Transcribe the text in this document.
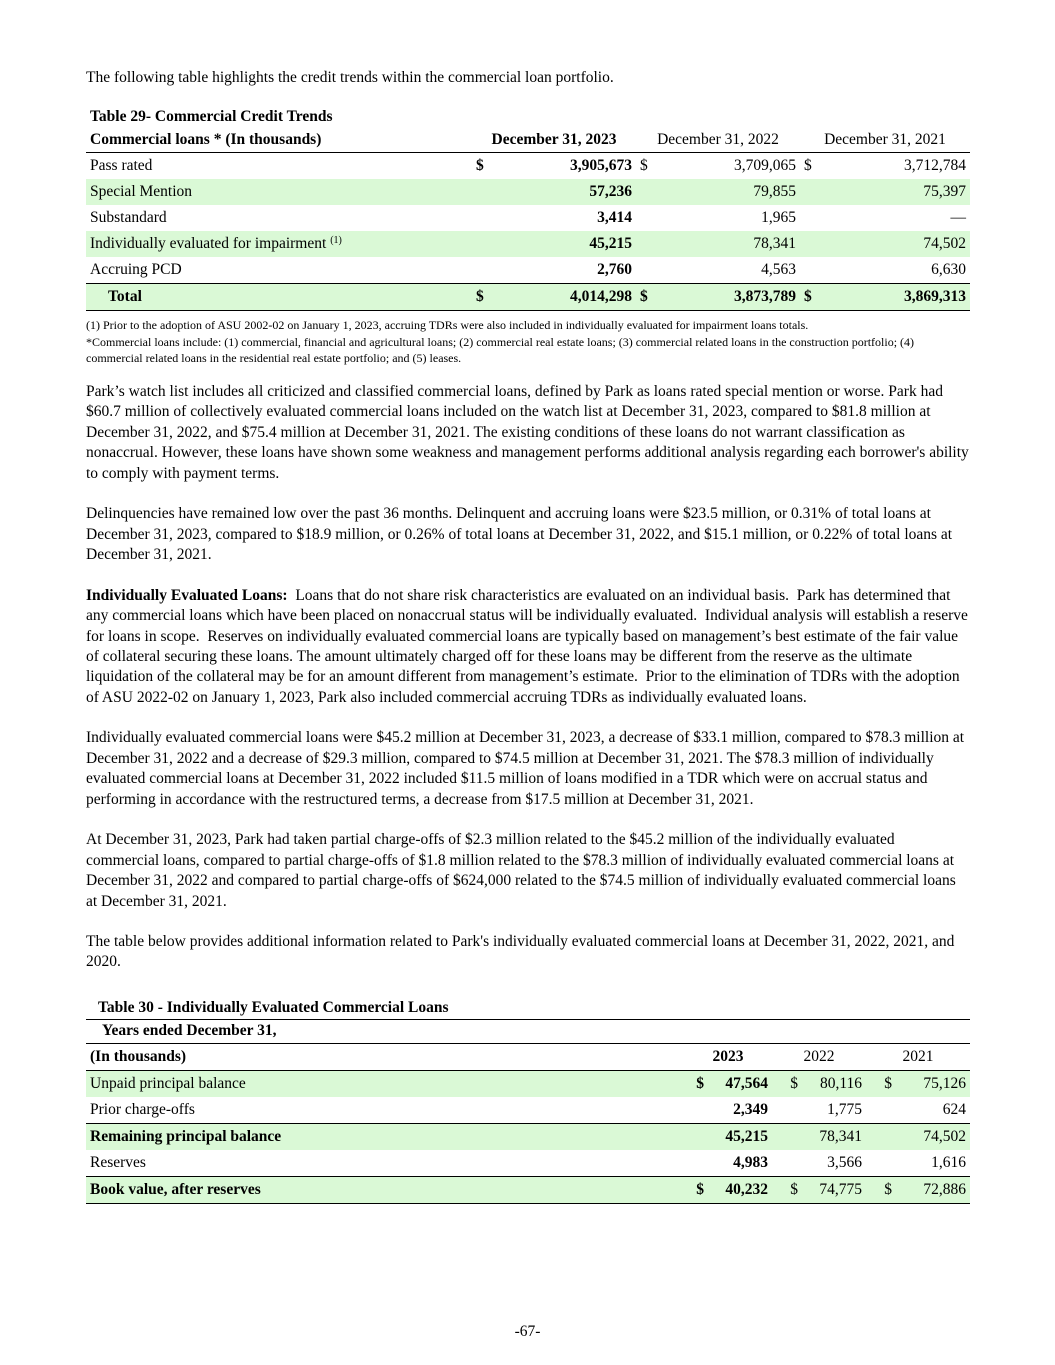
The following table highlights the credit trends within the commercial loan portfolio.

Table 29- Commercial Credit Trends
Commercial loans * (In thousands)	December 31, 2023		December 31, 2022		December 31, 2021	
Pass rated	$	3,905,673	$	3,709,065	$	3,712,784
Special Mention		57,236		79,855		75,397
Substandard		3,414		1,965		—
Individually evaluated for impairment $^{(1)}$		45,215		78,341		74,502
Accruing PCD		2,760		4,563		6,630
Total	$	4,014,298	$	3,873,789	$	3,869,313
(1) Prior to the adoption of ASU 2002-02 on January 1, 2023, accruing TDRs were also included in individually evaluated for impairment loans totals.
*Commercial loans include: (1) commercial, financial and agricultural loans; (2) commercial real estate loans; (3) commercial related loans in the construction portfolio; (4) commercial related loans in the residential real estate portfolio; and (5) leases.

Park’s watch list includes all criticized and classified commercial loans, defined by Park as loans rated special mention or worse. Park had $60.7 million of collectively evaluated commercial loans included on the watch list at December 31, 2023, compared to $81.8 million at December 31, 2022, and $75.4 million at December 31, 2021. The existing conditions of these loans do not warrant classification as nonaccrual. However, these loans have shown some weakness and management performs additional analysis regarding each borrower's ability to comply with payment terms.

Delinquencies have remained low over the past 36 months. Delinquent and accruing loans were $23.5 million, or 0.31% of total loans at December 31, 2023, compared to $18.9 million, or 0.26% of total loans at December 31, 2022, and $15.1 million, or 0.22% of total loans at December 31, 2021.

Individually Evaluated Loans:  Loans that do not share risk characteristics are evaluated on an individual basis.  Park has determined that any commercial loans which have been placed on nonaccrual status will be individually evaluated.  Individual analysis will establish a reserve for loans in scope.  Reserves on individually evaluated commercial loans are typically based on management’s best estimate of the fair value of collateral securing these loans. The amount ultimately charged off for these loans may be different from the reserve as the ultimate liquidation of the collateral may be for an amount different from management’s estimate.  Prior to the elimination of TDRs with the adoption of ASU 2022-02 on January 1, 2023, Park also included commercial accruing TDRs as individually evaluated loans.

Individually evaluated commercial loans were $45.2 million at December 31, 2023, a decrease of $33.1 million, compared to $78.3 million at December 31, 2022 and a decrease of $29.3 million, compared to $74.5 million at December 31, 2021. The $78.3 million of individually evaluated commercial loans at December 31, 2022 included $11.5 million of loans modified in a TDR which were on accrual status and performing in accordance with the restructured terms, a decrease from $17.5 million at December 31, 2021.

At December 31, 2023, Park had taken partial charge-offs of $2.3 million related to the $45.2 million of the individually evaluated commercial loans, compared to partial charge-offs of $1.8 million related to the $78.3 million of individually evaluated commercial loans at December 31, 2022 and compared to partial charge-offs of $624,000 related to the $74.5 million of individually evaluated commercial loans at December 31, 2021.

The table below provides additional information related to Park's individually evaluated commercial loans at December 31, 2022, 2021, and 2020.

Table 30 - Individually Evaluated Commercial Loans
Years ended December 31,						
(In thousands)	2023		2022		2021	
Unpaid principal balance	$	47,564	$	80,116	$	75,126
Prior charge-offs		2,349		1,775		624
Remaining principal balance		45,215		78,341		74,502
Reserves		4,983		3,566		1,616
Book value, after reserves	$	40,232	$	74,775	$	72,886
-67-
